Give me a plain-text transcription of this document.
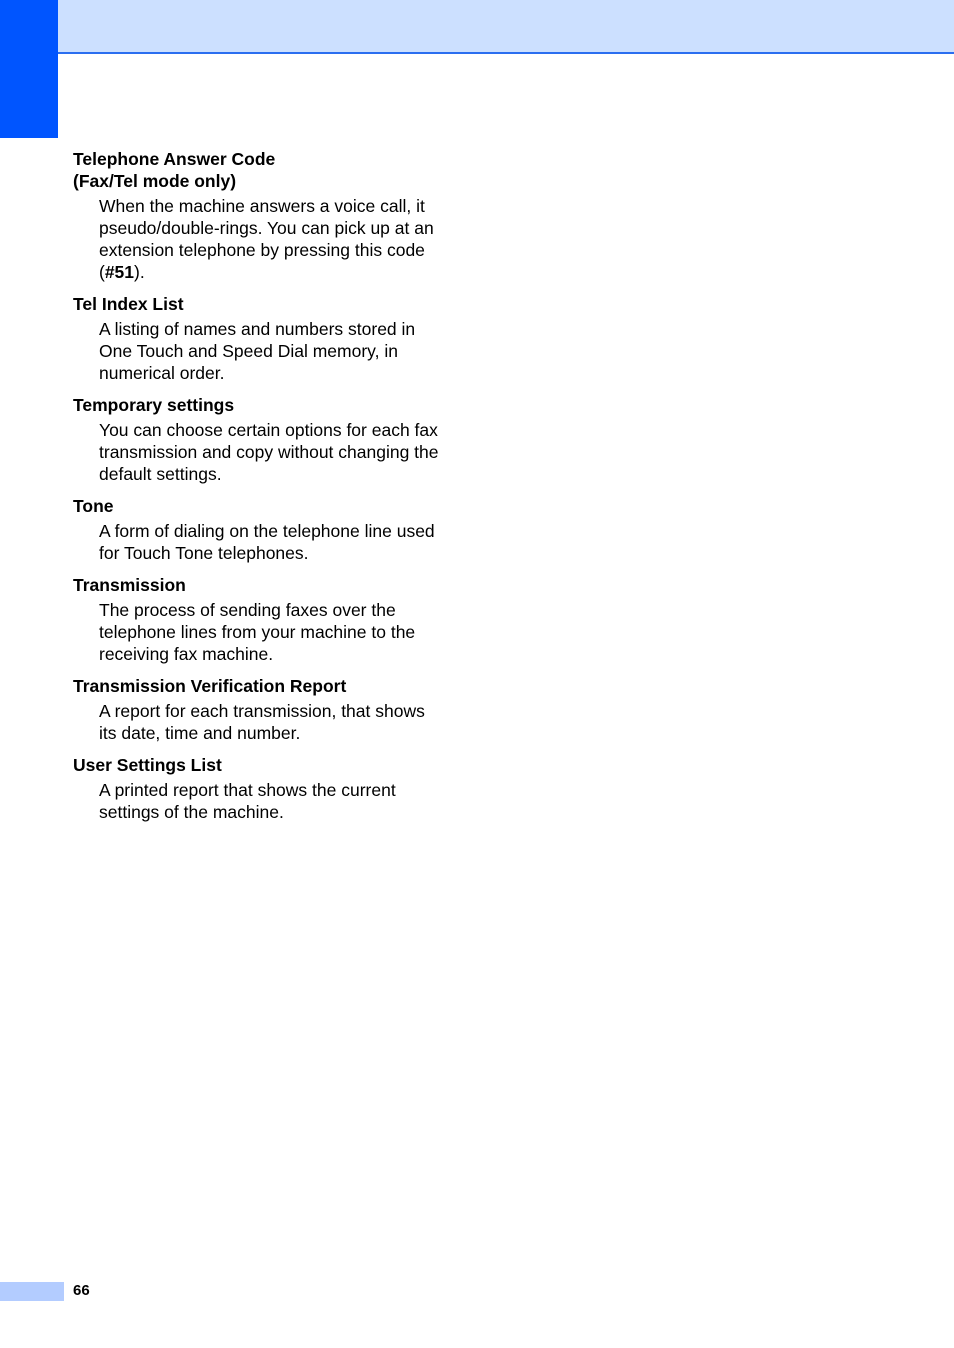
Telephone Answer Code
(Fax/Tel mode only)

When the machine answers a voice call, it pseudo/double-rings. You can pick up at an extension telephone by pressing this code (#51).

Tel Index List

A listing of names and numbers stored in One Touch and Speed Dial memory, in numerical order.

Temporary settings

You can choose certain options for each fax transmission and copy without changing the default settings.

Tone

A form of dialing on the telephone line used for Touch Tone telephones.

Transmission

The process of sending faxes over the telephone lines from your machine to the receiving fax machine.

Transmission Verification Report

A report for each transmission, that shows its date, time and number.

User Settings List

A printed report that shows the current settings of the machine.

66
